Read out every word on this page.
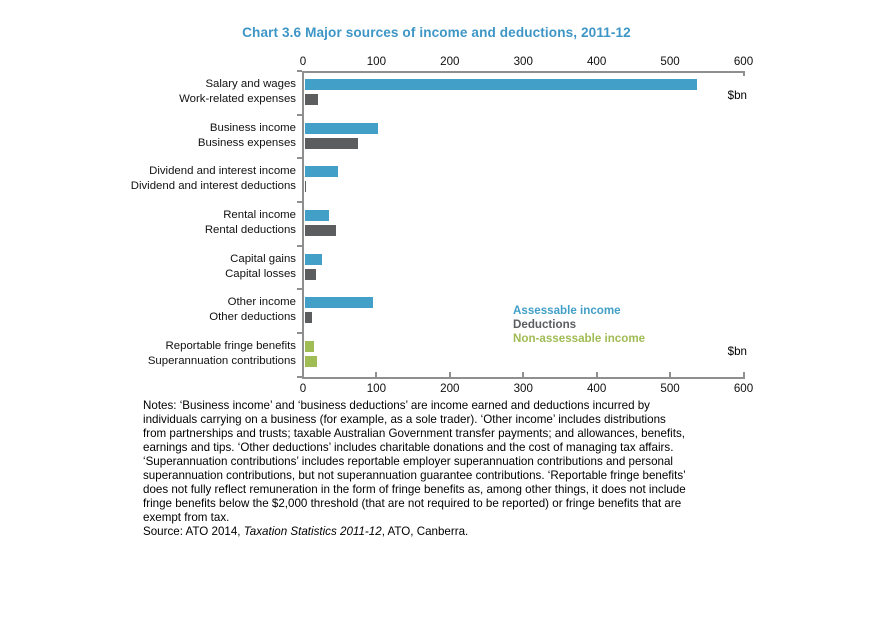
Chart 3.6 Major sources of income and deductions, 2011-12
$bn
$bn
Notes: ‘Business income’ and ‘business deductions’ are income earned and deductions incurred by
individuals carrying on a business (for example, as a sole trader). ‘Other income’ includes distributions
from partnerships and trusts; taxable Australian Government transfer payments; and allowances, benefits,
earnings and tips. ‘Other deductions’ includes charitable donations and the cost of managing tax affairs.
‘Superannuation contributions’ includes reportable employer superannuation contributions and personal
superannuation contributions, but not superannuation guarantee contributions. ‘Reportable fringe benefits’
does not fully reflect remuneration in the form of fringe benefits as, among other things, it does not include
fringe benefits below the $2,000 threshold (that are not required to be reported) or fringe benefits that are
exempt from tax.
Source: ATO 2014, Taxation Statistics 2011-12, ATO, Canberra.
Salary and wages
Work-related expenses
Business income
Business expenses
Dividend and interest income
Dividend and interest deductions
Rental income
Rental deductions
Capital gains
Capital losses
Other income
Other deductions
Reportable fringe benefits
Superannuation contributions
0
0
100
100
200
200
300
300
400
400
500
500
600
600
Assessable income
Deductions
Non-assessable income
